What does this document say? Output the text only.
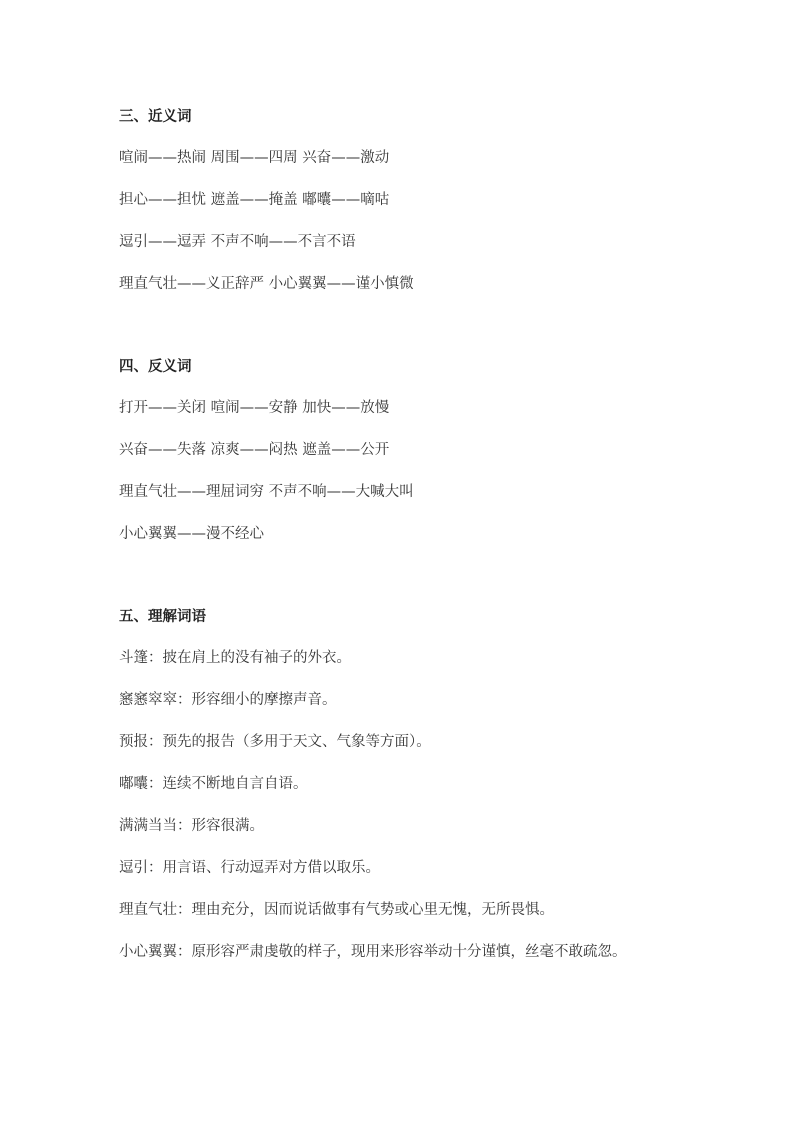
三、近义词
喧闹——热闹 周围——四周 兴奋——激动
担心——担忧 遮盖——掩盖 嘟囔——嘀咕
逗引——逗弄 不声不响——不言不语
理直气壮——义正辞严 小心翼翼——谨小慎微
四、反义词
打开——关闭 喧闹——安静 加快——放慢
兴奋——失落 凉爽——闷热 遮盖——公开
理直气壮——理屈词穷 不声不响——大喊大叫
小心翼翼——漫不经心
五、理解词语
斗篷：披在肩上的没有袖子的外衣。
窸窸窣窣：形容细小的摩擦声音。
预报：预先的报告（多用于天文、气象等方面）。
嘟囔：连续不断地自言自语。
满满当当：形容很满。
逗引：用言语、行动逗弄对方借以取乐。
理直气壮：理由充分，因而说话做事有气势或心里无愧，无所畏惧。
小心翼翼：原形容严肃虔敬的样子，现用来形容举动十分谨慎，丝毫不敢疏忽。
